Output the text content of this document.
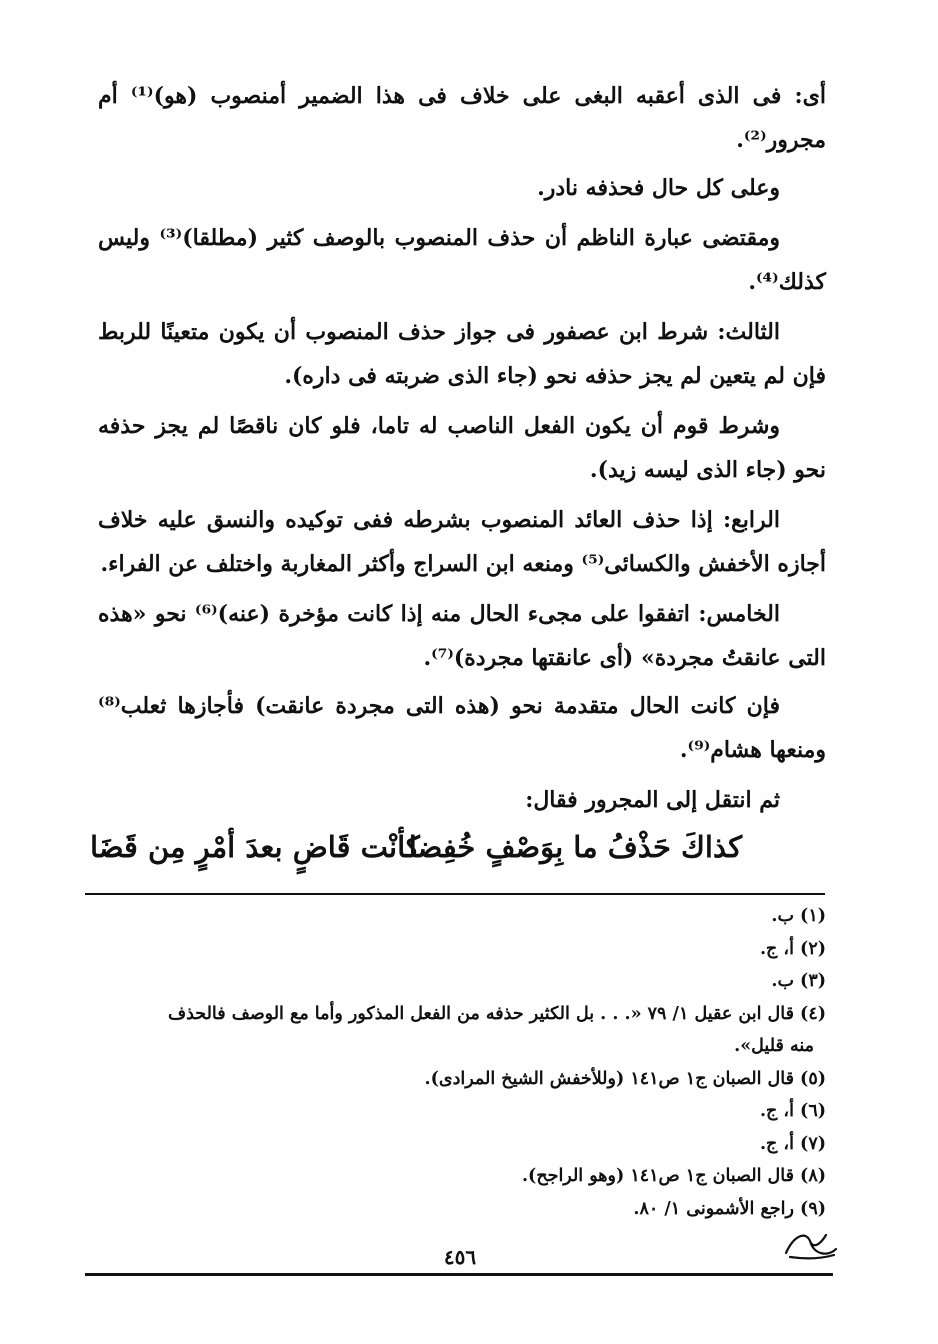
أى: فى الذى أعقبه البغى على خلاف فى هذا الضمير أمنصوب (هو)⁽¹⁾ أم مجرور⁽²⁾.

وعلى كل حال فحذفه نادر.

ومقتضى عبارة الناظم أن حذف المنصوب بالوصف كثير (مطلقا)⁽³⁾ وليس كذلك⁽⁴⁾.

الثالث: شرط ابن عصفور فى جواز حذف المنصوب أن يكون متعينًا للربط فإن لم يتعين لم يجز حذفه نحو (جاء الذى ضربته فى داره).

وشرط قوم أن يكون الفعل الناصب له تاما، فلو كان ناقصًا لم يجز حذفه نحو (جاء الذى ليسه زيد).

الرابع: إذا حذف العائد المنصوب بشرطه ففى توكيده والنسق عليه خلاف أجازه الأخفش والكسائى⁽⁵⁾ ومنعه ابن السراج وأكثر المغاربة واختلف عن الفراء.

الخامس: اتفقوا على مجىء الحال منه إذا كانت مؤخرة (عنه)⁽⁶⁾ نحو «هذه التى عانقتُ مجردة» (أى عانقتها مجردة)⁽⁷⁾.

فإن كانت الحال متقدمة نحو (هذه التى مجردة عانقت) فأجازها ثعلب⁽⁸⁾ ومنعها هشام⁽⁹⁾.

ثم انتقل إلى المجرور فقال:

كذاكَ حَذْفُ ما بِوَصْفٍ خُفِضا
كأنْت قَاضٍ بعدَ أمْرٍ مِن قَضَا

(١) ب.

(٢) أ، ج.

(٣) ب.

(٤) قال ابن عقيل ١/ ٧٩ «. . . بل الكثير حذفه من الفعل المذكور وأما مع الوصف فالحذف

منه قليل».

(٥) قال الصبان ج١ ص١٤١ (وللأخفش الشيخ المرادى).

(٦) أ، ج.

(٧) أ، ج.

(٨) قال الصبان ج١ ص١٤١ (وهو الراجح).

(٩) راجع الأشمونى ١/ ٨٠.

٤٥٦
